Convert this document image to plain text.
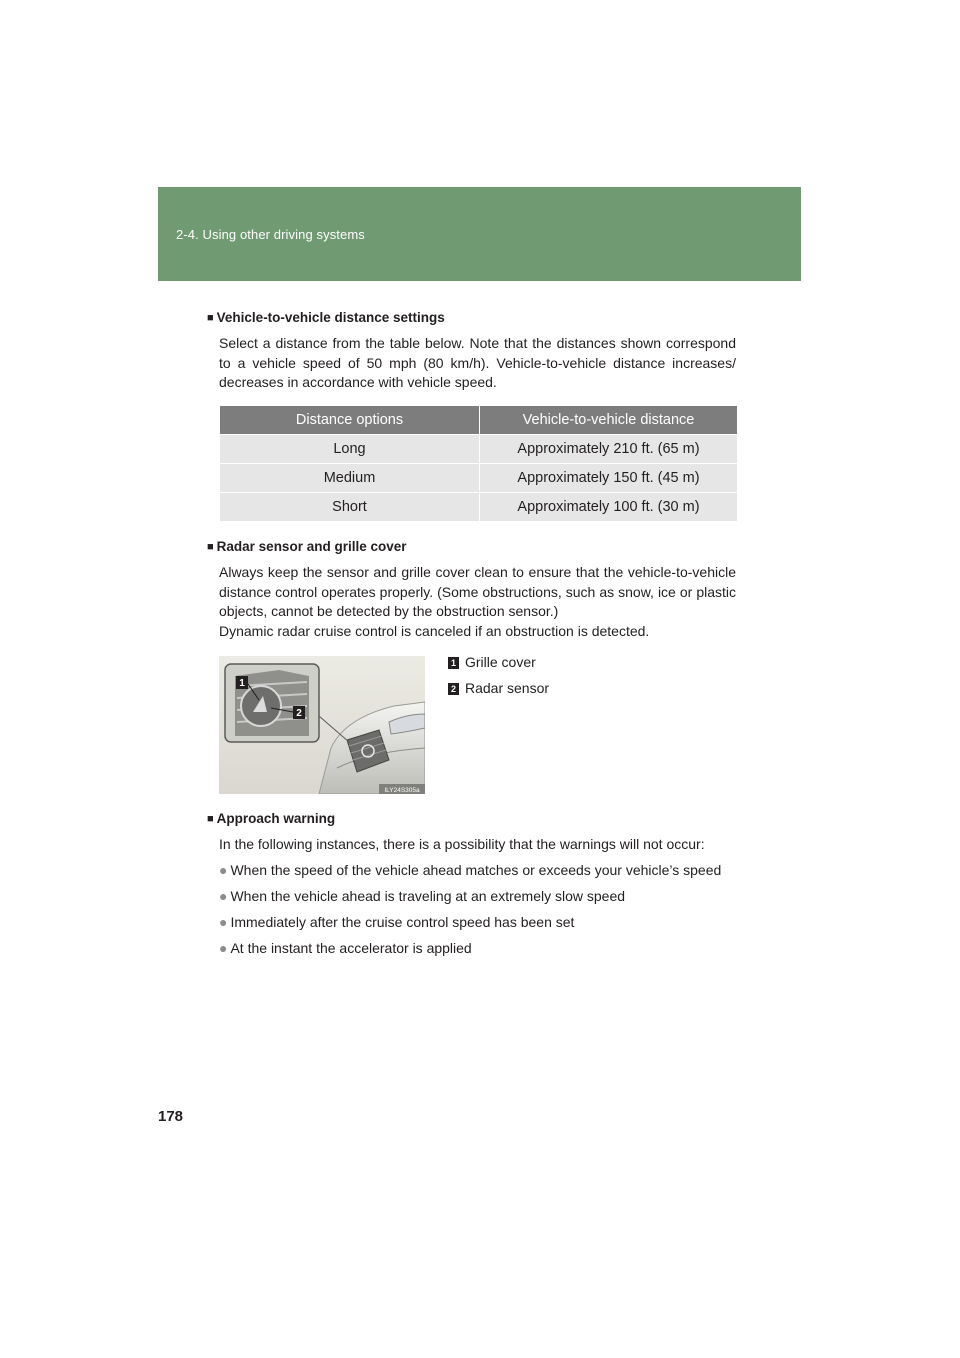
2-4. Using other driving systems
■ Vehicle-to-vehicle distance settings
Select a distance from the table below. Note that the distances shown correspond
to a vehicle speed of 50 mph (80 km/h). Vehicle-to-vehicle distance increases/
decreases in accordance with vehicle speed.
Distance options	Vehicle-to-vehicle distance
Long	Approximately 210 ft. (65 m)
Medium	Approximately 150 ft. (45 m)
Short	Approximately 100 ft. (30 m)
■ Radar sensor and grille cover
Always keep the sensor and grille cover clean to ensure that the vehicle-to-vehicle
distance control operates properly. (Some obstructions, such as snow, ice or plastic
objects, cannot be detected by the obstruction sensor.)
Dynamic radar cruise control is canceled if an obstruction is detected.
1
2
ILY24S305a
1 Grille cover
2 Radar sensor
■ Approach warning
In the following instances, there is a possibility that the warnings will not occur:
● When the speed of the vehicle ahead matches or exceeds your vehicle’s speed
● When the vehicle ahead is traveling at an extremely slow speed
● Immediately after the cruise control speed has been set
● At the instant the accelerator is applied
178
